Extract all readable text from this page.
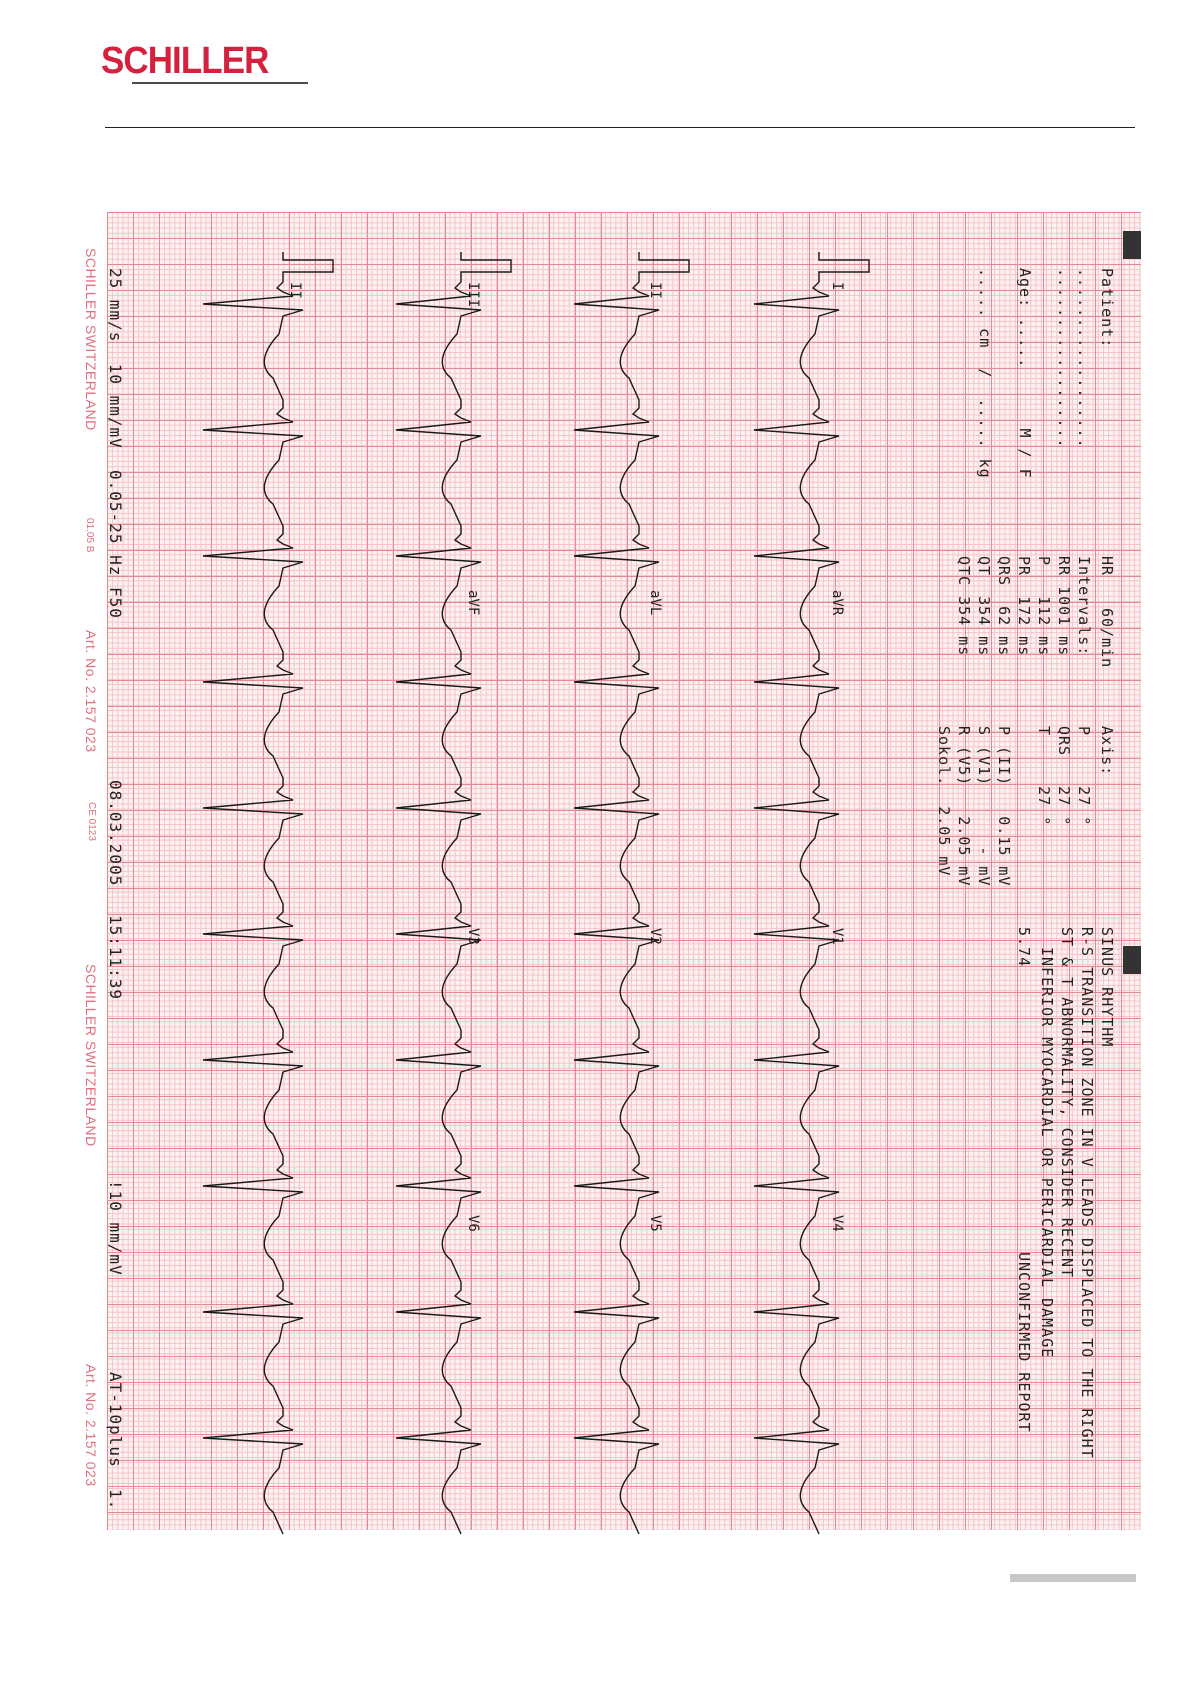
SCHILLER
Patient:
..................
..................
Age: .....      M / F
..... cm  /  ..... kg
HR
60/min
Intervals:
RR 1001 ms
P   112 ms
PR  172 ms
QRS  62 ms
QT  354 ms
QTC 354 ms
Axis:
P     27 °
QRS   27 °
T     27 °
P (II)   0.15 mV
S (V1)      - mV
R (V5)   2.05 mV
Sokol.  2.05 mV
SINUS RHYTHM
R-S TRANSITION ZONE IN V LEADS DISPLACED TO THE RIGHT
ST & T ABNORMALITY, CONSIDER RECENT
INFERIOR MYOCARDIAL OR PERICARDIAL DAMAGE
5.74
UNCONFIRMED REPORT
25 mm/s  10 mm/mV  0.05-25 Hz F50
08.03.2005
15:11:39
!10 mm/mV
AT-10plus  1.
SCHILLER SWITZERLAND
01.05 B
Art. No. 2.157 023
CE 0123
SCHILLER SWITZERLAND
Art. No. 2.157 023
I
II
III
II
aVR
aVL
aVF
V1
V2
V3
V4
V5
V6
